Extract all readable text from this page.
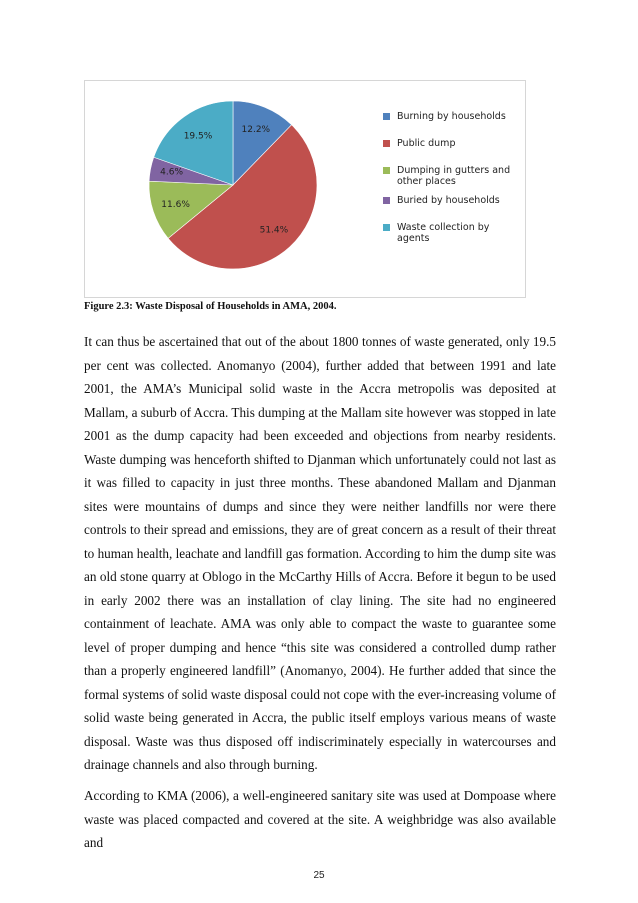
12.2%
51.4%
11.6%
4.6%
19.5%
Burning by households
Public dump
Dumping in gutters and other places
Buried by households
Waste collection by agents
Figure 2.3: Waste Disposal of Households in AMA, 2004.

It can thus be ascertained that out of the about 1800 tonnes of waste generated, only 19.5 per cent was collected. Anomanyo (2004), further added that between 1991 and late 2001, the AMA’s Municipal solid waste in the Accra metropolis was deposited at Mallam, a suburb of Accra. This dumping at the Mallam site however was stopped in late 2001 as the dump capacity had been exceeded and objections from nearby residents. Waste dumping was henceforth shifted to Djanman which unfortunately could not last as it was filled to capacity in just three months. These abandoned Mallam and Djanman sites were mountains of dumps and since they were neither landfills nor were there controls to their spread and emissions, they are of great concern as a result of their threat to human health, leachate and landfill gas formation. According to him the dump site was an old stone quarry at Oblogo in the McCarthy Hills of Accra. Before it begun to be used in early 2002 there was an installation of clay lining. The site had no engineered containment of leachate. AMA was only able to compact the waste to guarantee some level of proper dumping and hence “this site was considered a controlled dump rather than a properly engineered landfill” (Anomanyo, 2004). He further added that since the formal systems of solid waste disposal could not cope with the ever-increasing volume of solid waste being generated in Accra, the public itself employs various means of waste disposal. Waste was thus disposed off indiscriminately especially in watercourses and drainage channels and also through burning.

According to KMA (2006), a well-engineered sanitary site was used at Dompoase where waste was placed compacted and covered at the site. A weighbridge was also available and

25
